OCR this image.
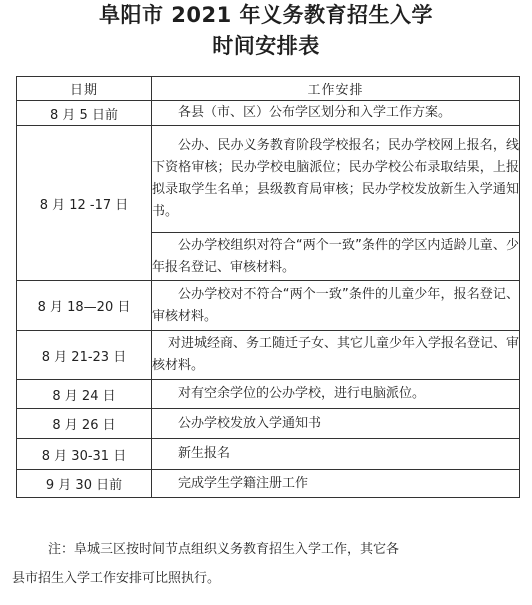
阜阳市 2021 年义务教育招生入学
时间安排表
日期	工作安排
8 月 5 日前	各县（市、区）公布学区划分和入学工作方案。

8 月 12 -17 日	公办、民办义务教育阶段学校报名；民办学校网上报名，线下资格审核；民办学校电脑派位；民办学校公布录取结果，上报拟录取学生名单；县级教育局审核；民办学校发放新生入学通知书。

	公办学校组织对符合“两个一致”条件的学区内适龄儿童、少年报名登记、审核材料。

8 月 18—20 日	公办学校对不符合“两个一致”条件的儿童少年，报名登记、审核材料。

8 月 21-23 日	对进城经商、务工随迁子女、其它儿童少年入学报名登记、审核材料。

8 月 24 日	对有空余学位的公办学校，进行电脑派位。

8 月 26 日	公办学校发放入学通知书

8 月 30-31 日	新生报名

9 月 30 日前	完成学生学籍注册工作
注：阜城三区按时间节点组织义务教育招生入学工作，其它各
县市招生入学工作安排可比照执行。
